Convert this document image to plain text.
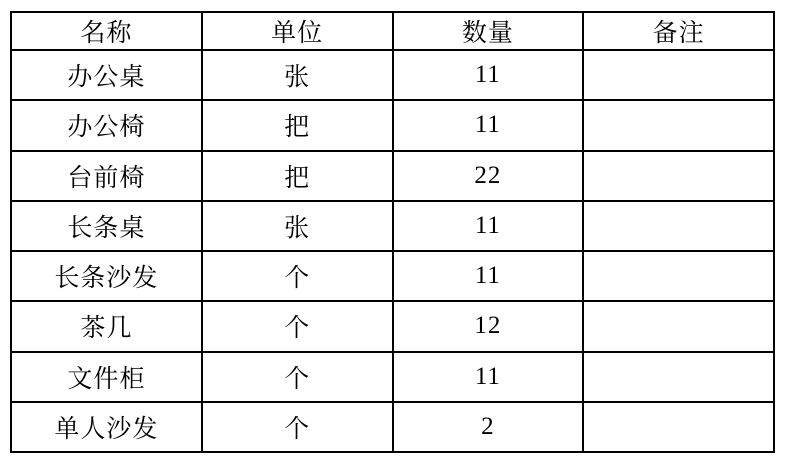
名称	单位	数量	备注
办公桌	张	11	
办公椅	把	11	
台前椅	把	22	
长条桌	张	11	
长条沙发	个	11	
茶几	个	12	
文件柜	个	11	
单人沙发	个	2	
